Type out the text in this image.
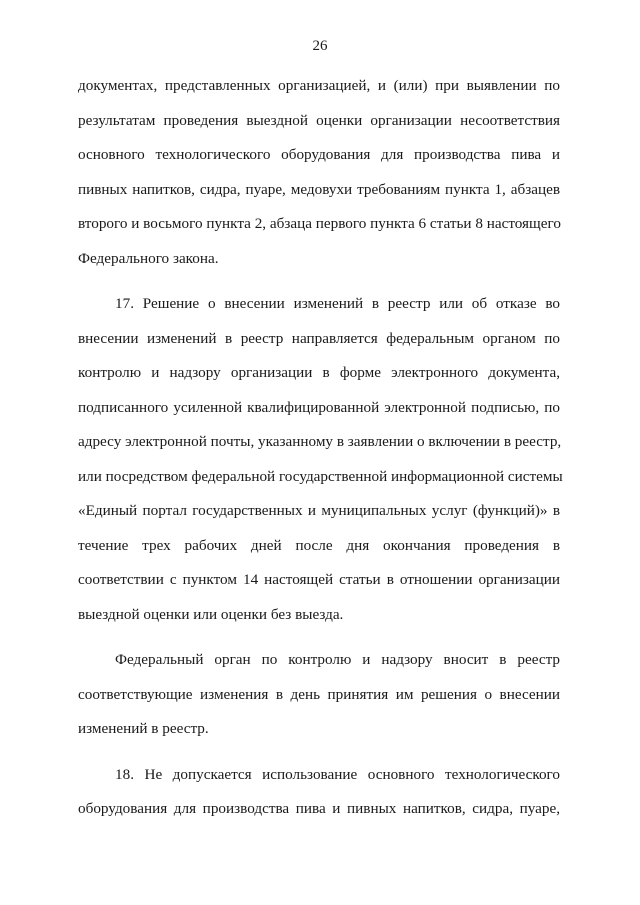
26
документах, представленных организацией, и (или) при выявлении по
результатам проведения выездной оценки организации несоответствия
основного технологического оборудования для производства пива и
пивных напитков, сидра, пуаре, медовухи требованиям пункта 1, абзацев
второго и восьмого пункта 2, абзаца первого пункта 6 статьи 8 настоящего
Федерального закона.
17. Решение о внесении изменений в реестр или об отказе во
внесении изменений в реестр направляется федеральным органом по
контролю и надзору организации в форме электронного документа,
подписанного усиленной квалифицированной электронной подписью, по
адресу электронной почты, указанному в заявлении о включении в реестр,
или посредством федеральной государственной информационной системы
«Единый портал государственных и муниципальных услуг (функций)» в
течение трех рабочих дней после дня окончания проведения в
соответствии с пунктом 14 настоящей статьи в отношении организации
выездной оценки или оценки без выезда.
Федеральный орган по контролю и надзору вносит в реестр
соответствующие изменения в день принятия им решения о внесении
изменений в реестр.
18. Не допускается использование основного технологического
оборудования для производства пива и пивных напитков, сидра, пуаре,
